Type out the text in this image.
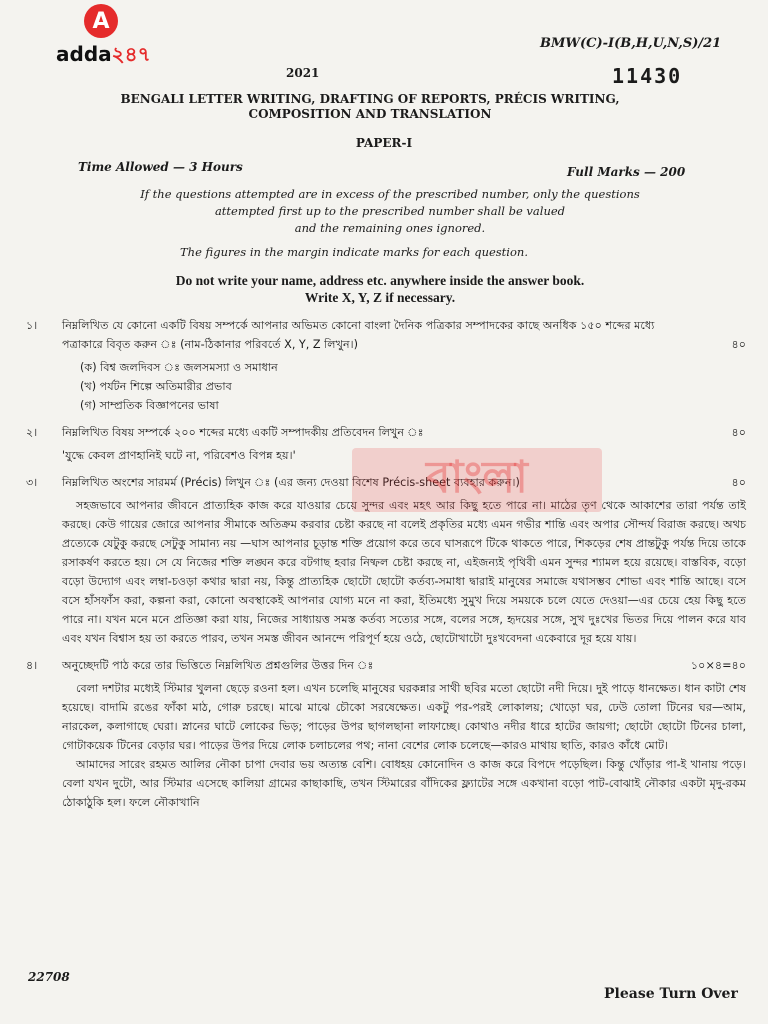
A
adda২৪৭
2021
BMW(C)-I(B,H,U,N,S)/21
11430
BENGALI LETTER WRITING, DRAFTING OF REPORTS, PRÉCIS WRITING,
COMPOSITION AND TRANSLATION
PAPER-I
Time Allowed — 3 Hours	Full Marks — 200
If the questions attempted are in excess of the prescribed number, only the questions
attempted first up to the prescribed number shall be valued
and the remaining ones ignored.
The figures in the margin indicate marks for each question.
Do not write your name, address etc. anywhere inside the answer book.
Write X, Y, Z if necessary.
১।	নিম্নলিখিত যে কোনো একটি বিষয় সম্পর্কে আপনার অভিমত কোনো বাংলা দৈনিক পত্রিকার সম্পাদকের কাছে অনধিক ১৫০ শব্দের মধ্যে পত্রাকারে বিবৃত করুন ঃ (নাম-ঠিকানার পরিবর্তে X, Y, Z লিখুন।)	৪০
(ক) বিশ্ব জলদিবস ঃ জলসমস্যা ও সমাধান
(খ) পর্যটন শিল্পে অতিমারীর প্রভাব
(গ) সাম্প্রতিক বিজ্ঞাপনের ভাষা
২।	নিম্নলিখিত বিষয় সম্পর্কে ২০০ শব্দের মধ্যে একটি সম্পাদকীয় প্রতিবেদন লিখুন ঃ	৪০
'যুদ্ধে কেবল প্রাণহানিই ঘটে না, পরিবেশও বিপন্ন হয়।'
৩।	নিম্নলিখিত অংশের সারমর্ম (Précis) লিখুন ঃ (এর জন্য দেওয়া বিশেষ Précis-sheet ব্যবহার করুন।)	৪০
সহজভাবে আপনার জীবনে প্রাত্যহিক কাজ করে যাওয়ার চেয়ে সুন্দর এবং মহৎ আর কিছু হতে পারে না। মাঠের তৃণ থেকে আকাশের তারা পর্যন্ত তাই করছে। কেউ গায়ের জোরে আপনার সীমাকে অতিক্রম করবার চেষ্টা করছে না বলেই প্রকৃতির মধ্যে এমন গভীর শান্তি এবং অপার সৌন্দর্য বিরাজ করছে। অথচ প্রত্যেকে যেটুকু করছে সেটুকু সামান্য নয় —ঘাস আপনার চূড়ান্ত শক্তি প্রয়োগ করে তবে ঘাসরূপে টিকে থাকতে পারে, শিকড়ের শেষ প্রান্তটুকু পর্যন্ত দিয়ে তাকে রসাকর্ষণ করতে হয়। সে যে নিজের শক্তি লঙ্ঘন করে বটগাছ হবার নিষ্ফল চেষ্টা করছে না, এইজন্যই পৃথিবী এমন সুন্দর শ্যামল হয়ে রয়েছে। বাস্তবিক, বড়ো বড়ো উদ্যোগ এবং লম্বা-চওড়া কথার দ্বারা নয়, কিন্তু প্রাত্যহিক ছোটো ছোটো কর্তব্য-সমাধা দ্বারাই মানুষের সমাজে যথাসম্ভব শোভা এবং শান্তি আছে। বসে বসে হাঁসফাঁস করা, কল্পনা করা, কোনো অবস্থাকেই আপনার যোগ্য মনে না করা, ইতিমধ্যে সুমুখ দিয়ে সময়কে চলে যেতে দেওয়া—এর চেয়ে হেয় কিছু হতে পারে না। যখন মনে মনে প্রতিজ্ঞা করা যায়, নিজের সাধ্যায়ত্ত সমস্ত কর্তব্য সত্যের সঙ্গে, বলের সঙ্গে, হৃদয়ের সঙ্গে, সুখ দুঃখের ভিতর দিয়ে পালন করে যাব এবং যখন বিশ্বাস হয় তা করতে পারব, তখন সমস্ত জীবন আনন্দে পরিপূর্ণ হয়ে ওঠে, ছোটোখাটো দুঃখবেদনা একেবারে দূর হয়ে যায়।
৪।	অনুচ্ছেদটি পাঠ করে তার ভিত্তিতে নিম্নলিখিত প্রশ্নগুলির উত্তর দিন ঃ	১০×৪=৪০
বেলা দশটার মধ্যেই স্টিমার খুলনা ছেড়ে রওনা হল। এখন চলেছি মানুষের ঘরকন্নার সাথী ছবির মতো ছোটো নদী দিয়ে। দুই পাড়ে ধানক্ষেত। ধান কাটা শেষ হয়েছে। বাদামি রঙের ফাঁকা মাঠ, গোরু চরছে। মাঝে মাঝে চৌকো সরষেক্ষেত। একটু পর-পরই লোকালয়; খোড়ো ঘর, ঢেউ তোলা টিনের ঘর—আম, নারকেল, কলাগাছে ঘেরা। স্নানের ঘাটে লোকের ভিড়; পাড়ের উপর ছাগলছানা লাফাচ্ছে। কোথাও নদীর ধারে হাটের জায়গা; ছোটো ছোটো টিনের চালা, গোটাকয়েক টিনের বেড়ার ঘর। পাড়ের উপর দিয়ে লোক চলাচলের পথ; নানা বেশের লোক চলেছে—কারও মাথায় ছাতি, কারও কাঁধে মোট।
আমাদের সারেং রহমত আলির নৌকা চাপা দেবার ভয় অত্যন্ত বেশি। বোধহয় কোনোদিন ও কাজ করে বিপদে পড়েছিল। কিন্তু খোঁড়ার পা-ই খানায় পড়ে। বেলা যখন দুটো, আর স্টিমার এসেছে কালিয়া গ্রামের কাছাকাছি, তখন স্টিমারের বাঁদিকের ফ্ল্যাটের সঙ্গে একখানা বড়ো পাট-বোঝাই নৌকার একটা মৃদু-রকম ঠোকাঠুকি হল। ফলে নৌকাখানি
বাংলা
22708
Please Turn Over
